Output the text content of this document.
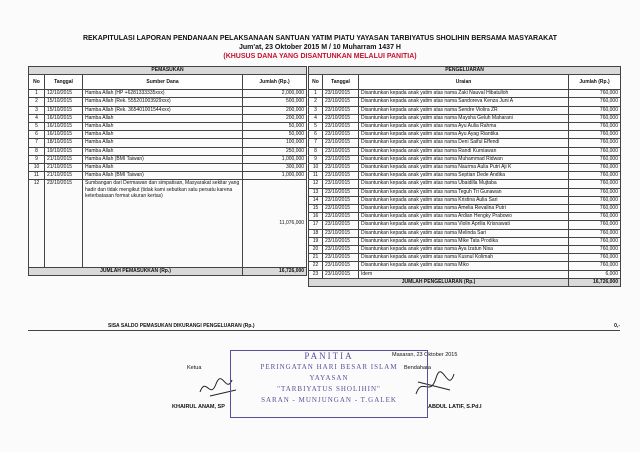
REKAPITULASI LAPORAN PENDANAAN PELAKSANAAN SANTUAN YATIM PIATU YAYASAN TARBIYATUS SHOLIHIN BERSAMA MASYARAKAT
Jum'at, 23 Oktober 2015 M / 10 Muharram 1437 H
(KHUSUS DANA YANG DISANTUNKAN MELALUI PANITIA)
PEMASUKAN			
No	Tanggal	Sumber Dana	Jumlah (Rp.)
1	12/10/2015	Hamba Allah (HP +6281333335xxx)	2,000,000
2	15/10/2015	Hamba Allah (Rek. 555201003929xxx)	500,000
3	15/10/2015	Hamba Allah (Rek. 365401001544xxx)	200,000
4	16/10/2015	Hamba Allah	200,000
5	16/10/2015	Hamba Allah	50,000
6	16/10/2015	Hamba Allah	50,000
7	18/10/2015	Hamba Allah	100,000
8	19/10/2015	Hamba Allah	250,000
9	21/10/2015	Hamba Allah (BMI Taiwan)	1,000,000
10	21/10/2015	Hamba Allah	300,000
11	21/10/2015	Hamba Allah (BMI Taiwan)	1,000,000
12	23/10/2015	Sumbangan dari Dermawan dan simpatisan, Masyarakat sekitar yang hadir dan tidak mengikut (tidak kami sebutkan satu persatu karena keterbatasan format ukuran kertas)	11,076,000
JUMLAH PEMASUKKAN (Rp.)			16,726,000
PENGELUARAN			
No	Tanggal	Uraian	Jumlah (Rp.)
1	23/10/2015	Disantunkan kepada anak yatim atas nama Zaki Nauval Hibatulloh	760,000
2	23/10/2015	Disantunkan kepada anak yatim atas nama Sandoreva Kenza Juni A	760,000
3	23/10/2015	Disantunkan kepada anak yatim atas nama Sendre Violira ZR	760,000
4	23/10/2015	Disantunkan kepada anak yatim atas nama Maysha Geluh Maharani	760,000
5	23/10/2015	Disantunkan kepada anak yatim atas nama Ayu Aulia Rahma	760,000
6	23/10/2015	Disantunkan kepada anak yatim atas nama Ayu Ayag Riantika	760,000
7	23/10/2015	Disantunkan kepada anak yatim atas nama Deni Saiful Effendi	760,000
8	23/10/2015	Disantunkan kepada anak yatim atas nama Randi Kurniawan	760,000
9	23/10/2015	Disantunkan kepada anak yatim atas nama Muhammad Ridwan	760,000
10	23/10/2015	Disantunkan kepada anak yatim atas nama Naurma Aulia Putri Aji K	760,000
11	23/10/2015	Disantunkan kepada anak yatim atas nama Septian Dede Andika	760,000
12	23/10/2015	Disantunkan kepada anak yatim atas nama Ubaidilla Mujtaba	760,000
13	23/10/2015	Disantunkan kepada anak yatim atas nama Teguh Tri Gunawan	760,000
14	23/10/2015	Disantunkan kepada anak yatim atas nama Kristina Aulia Sari	760,000
15	23/10/2015	Disantunkan kepada anak yatim atas nama Amelia Revalina Putri	760,000
16	23/10/2015	Disantunkan kepada anak yatim atas nama Ardian Hengky Prabowo	760,000
17	23/10/2015	Disantunkan kepada anak yatim atas nama Violin Aprilia Krisnawati	760,000
18	23/10/2015	Disantunkan kepada anak yatim atas nama Melinda Sari	760,000
19	23/10/2015	Disantunkan kepada anak yatim atas nama Mike Tata Prodika	760,000
20	23/10/2015	Disantunkan kepada anak yatim atas nama Aya Izatun Nisa	760,000
21	23/10/2015	Disantunkan kepada anak yatim atas nama Kusnul Kolimah	760,000
22	23/10/2015	Disantunkan kepada anak yatim atas nama Miko	760,000
23	23/10/2015	Idem	6,000
JUMLAH PENGELUARAN (Rp.)			16,726,000
SISA SALDO PEMASUKAN DIKURANGI PENGELUARAN (Rp.)	0,-
Masaran, 23 Oktober 2015
Ketua	Bendahara
KHAIRUL ANAM, SP	ABDUL LATIF, S.Pd.I
PANITIA
PERINGATAN HARI BESAR ISLAM
YAYASAN
"TARBIYATUS SHOLIHIN"
SARAN - MUNJUNGAN - T.GALEK
